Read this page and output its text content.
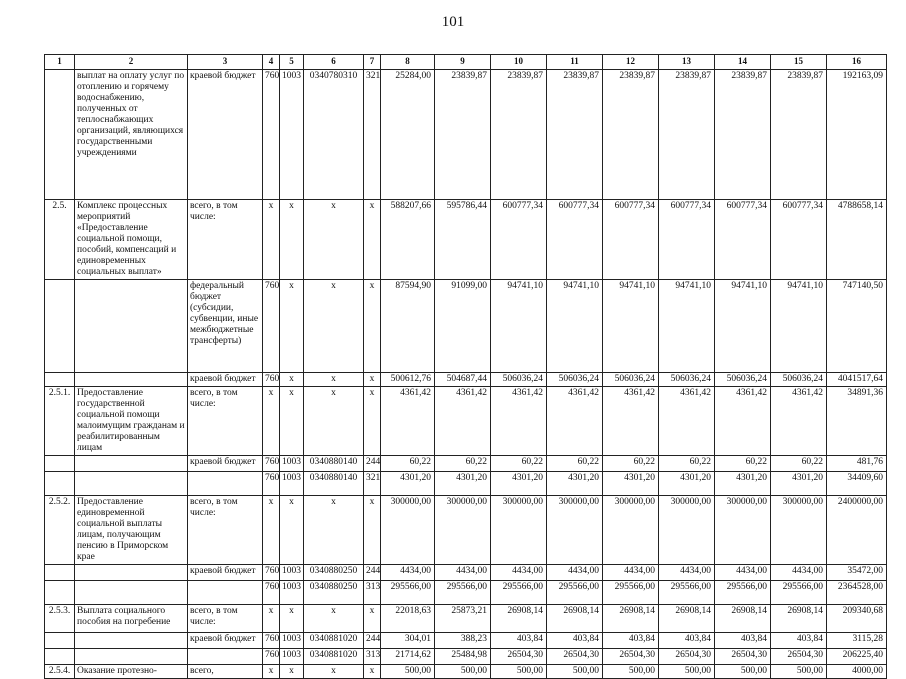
101
1	2	3	4	5	6	7	8	9	10	11	12	13	14	15	16
	выплат на оплату услуг по отоплению и горячему водоснабжению, полученных от теплоснабжающих организаций, являющихся государственными учреждениями	краевой бюджет	760	1003	0340780310	321	25284,00	23839,87	23839,87	23839,87	23839,87	23839,87	23839,87	23839,87	192163,09
2.5.	Комплекс процессных мероприятий «Предоставление социальной помощи, пособий, компенсаций и единовременных социальных выплат»	всего, в том числе:	x	x	x	x	588207,66	595786,44	600777,34	600777,34	600777,34	600777,34	600777,34	600777,34	4788658,14
		федеральный бюджет (субсидии, субвенции, иные межбюджетные трансферты)	760	x	x	x	87594,90	91099,00	94741,10	94741,10	94741,10	94741,10	94741,10	94741,10	747140,50
		краевой бюджет	760	x	x	x	500612,76	504687,44	506036,24	506036,24	506036,24	506036,24	506036,24	506036,24	4041517,64
2.5.1.	Предоставление государственной социальной помощи малоимущим гражданам и реабилитированным лицам	всего, в том числе:	x	x	x	x	4361,42	4361,42	4361,42	4361,42	4361,42	4361,42	4361,42	4361,42	34891,36
		краевой бюджет	760	1003	0340880140	244	60,22	60,22	60,22	60,22	60,22	60,22	60,22	60,22	481,76
			760	1003	0340880140	321	4301,20	4301,20	4301,20	4301,20	4301,20	4301,20	4301,20	4301,20	34409,60
2.5.2.	Предоставление единовременной социальной выплаты лицам, получающим пенсию в Приморском крае	всего, в том числе:	x	x	x	x	300000,00	300000,00	300000,00	300000,00	300000,00	300000,00	300000,00	300000,00	2400000,00
		краевой бюджет	760	1003	0340880250	244	4434,00	4434,00	4434,00	4434,00	4434,00	4434,00	4434,00	4434,00	35472,00
			760	1003	0340880250	313	295566,00	295566,00	295566,00	295566,00	295566,00	295566,00	295566,00	295566,00	2364528,00
2.5.3.	Выплата социального пособия на погребение	всего, в том числе:	x	x	x	x	22018,63	25873,21	26908,14	26908,14	26908,14	26908,14	26908,14	26908,14	209340,68
		краевой бюджет	760	1003	0340881020	244	304,01	388,23	403,84	403,84	403,84	403,84	403,84	403,84	3115,28
			760	1003	0340881020	313	21714,62	25484,98	26504,30	26504,30	26504,30	26504,30	26504,30	26504,30	206225,40
2.5.4.	Оказание протезно-	всего,	x	x	x	x	500,00	500,00	500,00	500,00	500,00	500,00	500,00	500,00	4000,00
